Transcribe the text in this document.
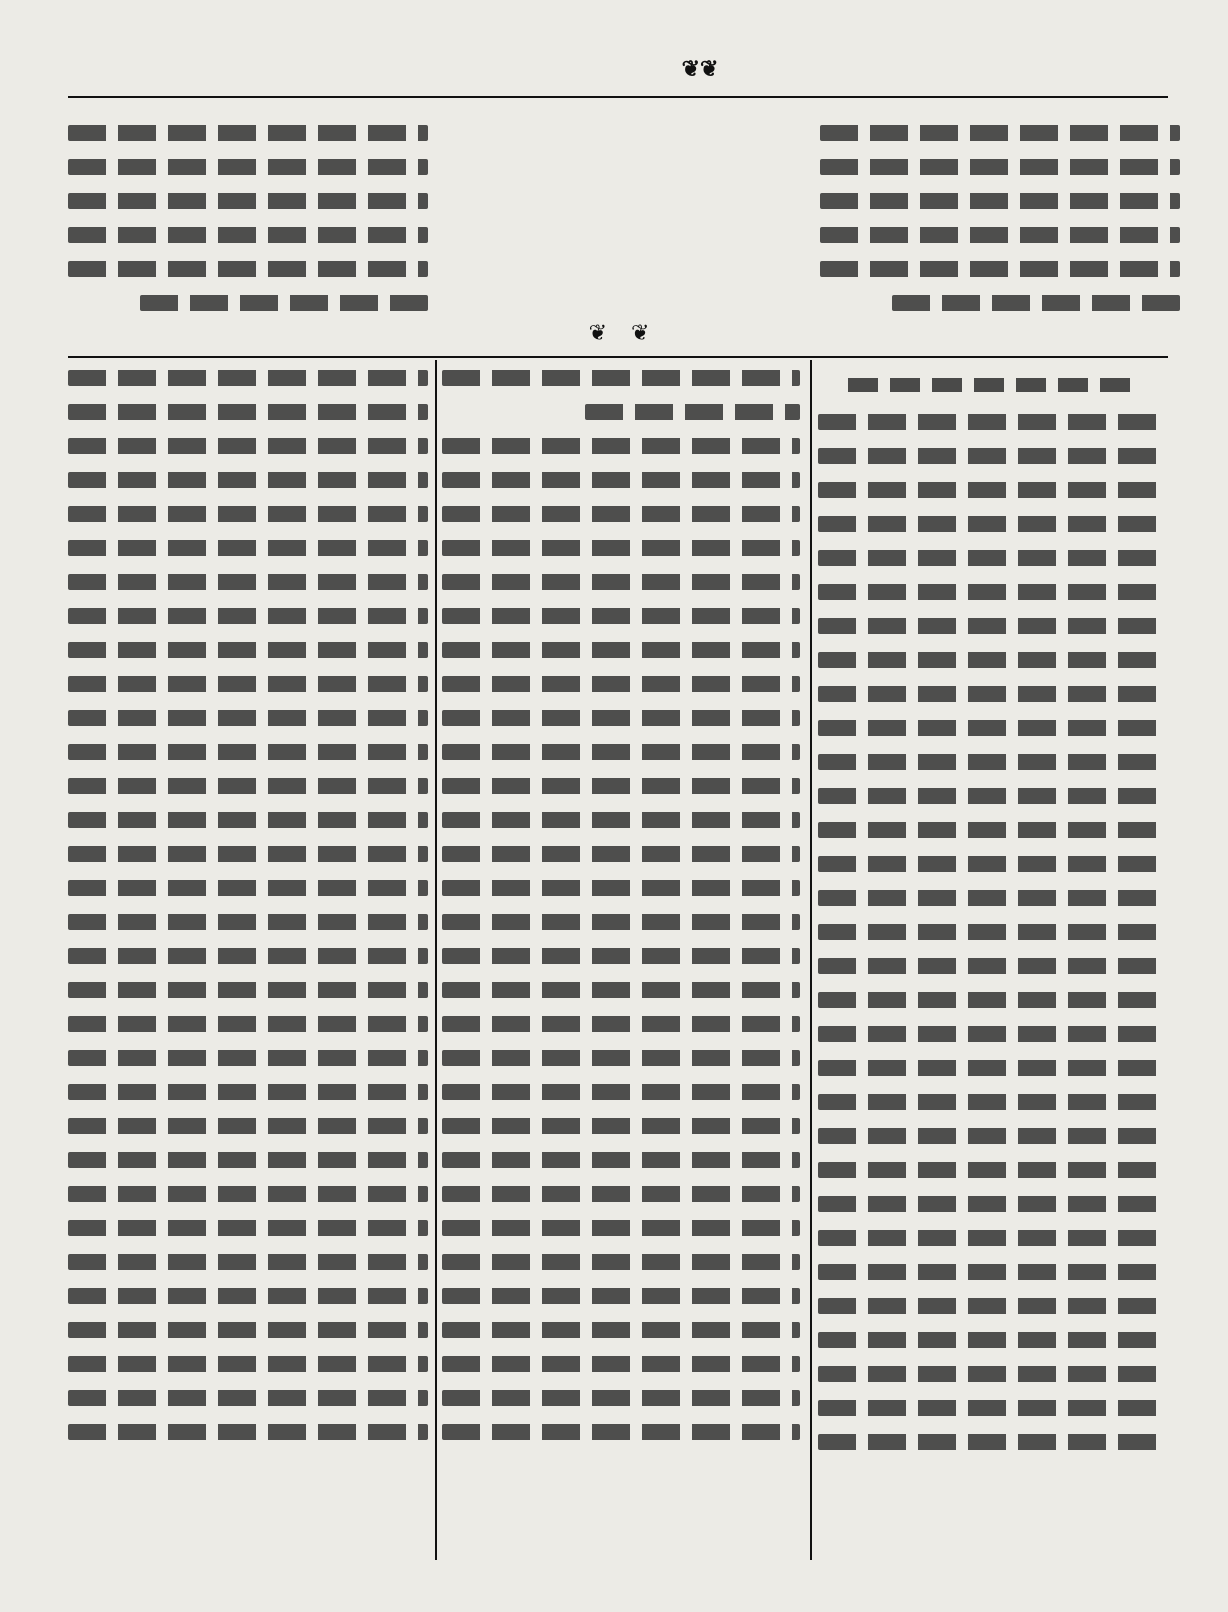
❦
❦
❦
❦
